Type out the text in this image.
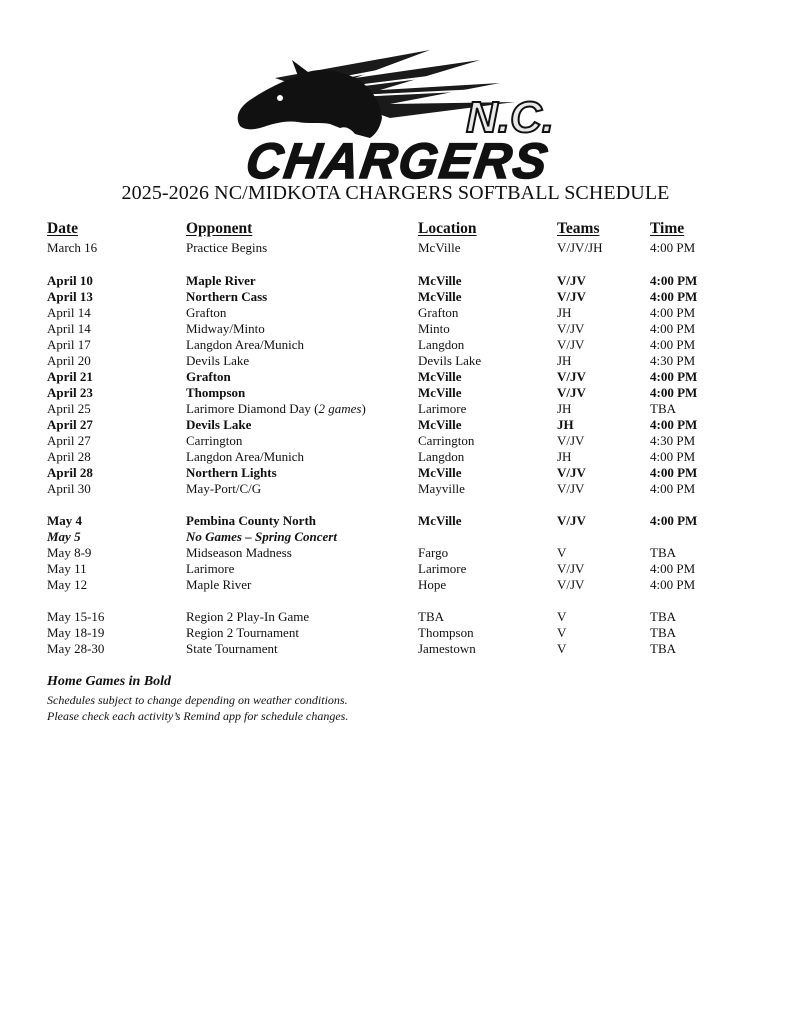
N.C.
CHARGERS
2025-2026 NC/MIDKOTA CHARGERS SOFTBALL SCHEDULE
Date	Opponent	Location	Teams	Time
March 16	Practice Begins	McVille	V/JV/JH	4:00 PM
April 10	Maple River	McVille	V/JV	4:00 PM
April 13	Northern Cass	McVille	V/JV	4:00 PM
April 14	Grafton	Grafton	JH	4:00 PM
April 14	Midway/Minto	Minto	V/JV	4:00 PM
April 17	Langdon Area/Munich	Langdon	V/JV	4:00 PM
April 20	Devils Lake	Devils Lake	JH	4:30 PM
April 21	Grafton	McVille	V/JV	4:00 PM
April 23	Thompson	McVille	V/JV	4:00 PM
April 25	Larimore Diamond Day (2 games)	Larimore	JH	TBA
April 27	Devils Lake	McVille	JH	4:00 PM
April 27	Carrington	Carrington	V/JV	4:30 PM
April 28	Langdon Area/Munich	Langdon	JH	4:00 PM
April 28	Northern Lights	McVille	V/JV	4:00 PM
April 30	May-Port/C/G	Mayville	V/JV	4:00 PM
May 4	Pembina County North	McVille	V/JV	4:00 PM
May 5	No Games – Spring Concert
May 8-9	Midseason Madness	Fargo	V	TBA
May 11	Larimore	Larimore	V/JV	4:00 PM
May 12	Maple River	Hope	V/JV	4:00 PM
May 15-16	Region 2 Play-In Game	TBA	V	TBA
May 18-19	Region 2 Tournament	Thompson	V	TBA
May 28-30	State Tournament	Jamestown	V	TBA
Home Games in Bold
Schedules subject to change depending on weather conditions.
Please check each activity’s Remind app for schedule changes.
